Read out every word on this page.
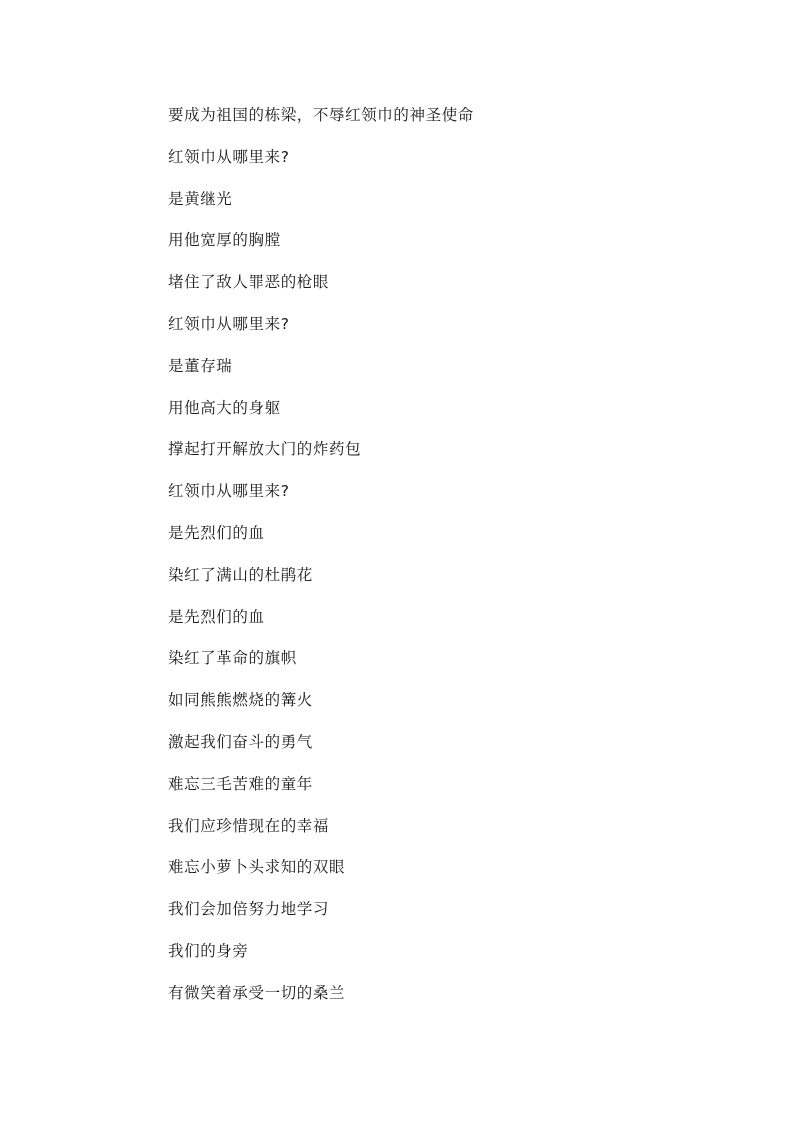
要成为祖国的栋梁，不辱红领巾的神圣使命
红领巾从哪里来?
是黄继光
用他宽厚的胸膛
堵住了敌人罪恶的枪眼
红领巾从哪里来?
是董存瑞
用他高大的身躯
撑起打开解放大门的炸药包
红领巾从哪里来?
是先烈们的血
染红了满山的杜鹃花
是先烈们的血
染红了革命的旗帜
如同熊熊燃烧的篝火
激起我们奋斗的勇气
难忘三毛苦难的童年
我们应珍惜现在的幸福
难忘小萝卜头求知的双眼
我们会加倍努力地学习
我们的身旁
有微笑着承受一切的桑兰
